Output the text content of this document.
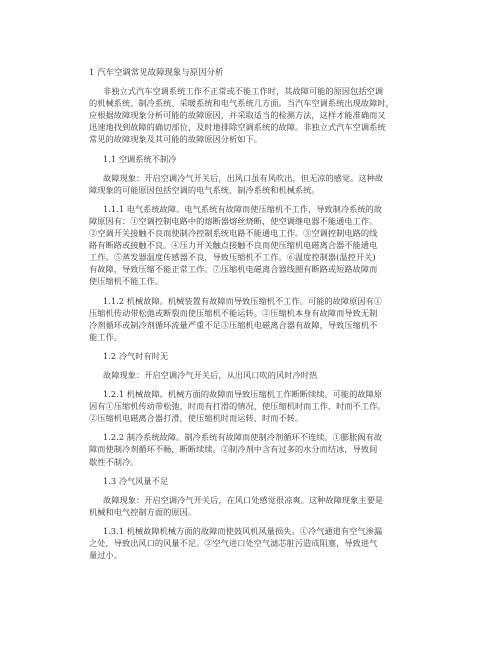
1 汽车空调常见故障现象与原因分析
非独立式汽车空调系统工作不正常或不能工作时，其故障可能的原因包括空调
的机械系统、制冷系统、采暖系统和电气系统几方面。当汽车空调系统出现故障时，
应根据故障现象分析可能的故障原因，并采取适当的检测方法，这样才能准确而又
迅速地找到故障的确切部位，及时地排除空调系统的故障。非独立式汽车空调系统
常见的故障现象及其可能的故障原因分析如下。
1.1 空调系统不制冷
故障现象：开启空调冷气开关后，出风口虽有风吹出，但无凉的感觉。这种故
障现象的可能原因包括空调的电气系统、制冷系统和机械系统。
1.1.1 电气系统故障。电气系统有故障而使压缩机不工作，导致制冷系统的故
障原因有：①空调控制电路中的熔断器熔丝烧断，使空调继电器不能通电工作。
②空调开关接触不良而使制冷控制系统电路不能通电工作。③空调控制电路的线
路有断路或接触不良。④压力开关触点接触不良而使压缩机电磁离合器不能通电
工作。⑤蒸发器温度传感器不良，导致压缩机不工作。⑥温度控制器(温控开关)
有故障，导致压缩不能正常工作。⑦压缩机电磁离合器线圈有断路或短路故障而
使压缩机不能工作。
1.1.2 机械故障。机械装置有故障而导致压缩机不工作。可能的故障原因有①
压缩机传动带松弛或断裂而使压缩机不能运转。②压缩机本身有故障而导致无制
冷剂循环或制冷剂循环流量严重不足③压缩机电磁离合器有故障，导致压缩机不
能工作。
1.2 冷气时有时无
故障现象：开启空调冷气开关后，从出风口吹的风时冷时热
1.2.1 机械故障。机械方面的故障而导致压缩机工作断断续续。可能的故障原
因有①压缩机传动带松弛，时而有打滑的情况，使压缩机时而工作、时而不工作。
②压缩机电磁离合器打滑，使压缩机时而运转、时而不转。
1.2.2 制冷系统故障。制冷系统有故障而使制冷剂循环不连续。①膨胀阀有故
障而使制冷剂循环不畅，断断续续。②制冷剂中含有过多的水分而结冰，导致间
歇性不制冷。
1.3 冷气风量不足
故障现象：开启空调冷气开关后，在风口处感觉很凉爽。这种故障现象主要是
机械和电气控制方面的原因。
1.3.1 机械故障机械方面的故障而使鼓风机风量损失。①冷气通道有空气渗漏
之处，导致出风口的风量不足。②空气进口处空气滤芯脏污造成阻塞，导致进气
量过小。
